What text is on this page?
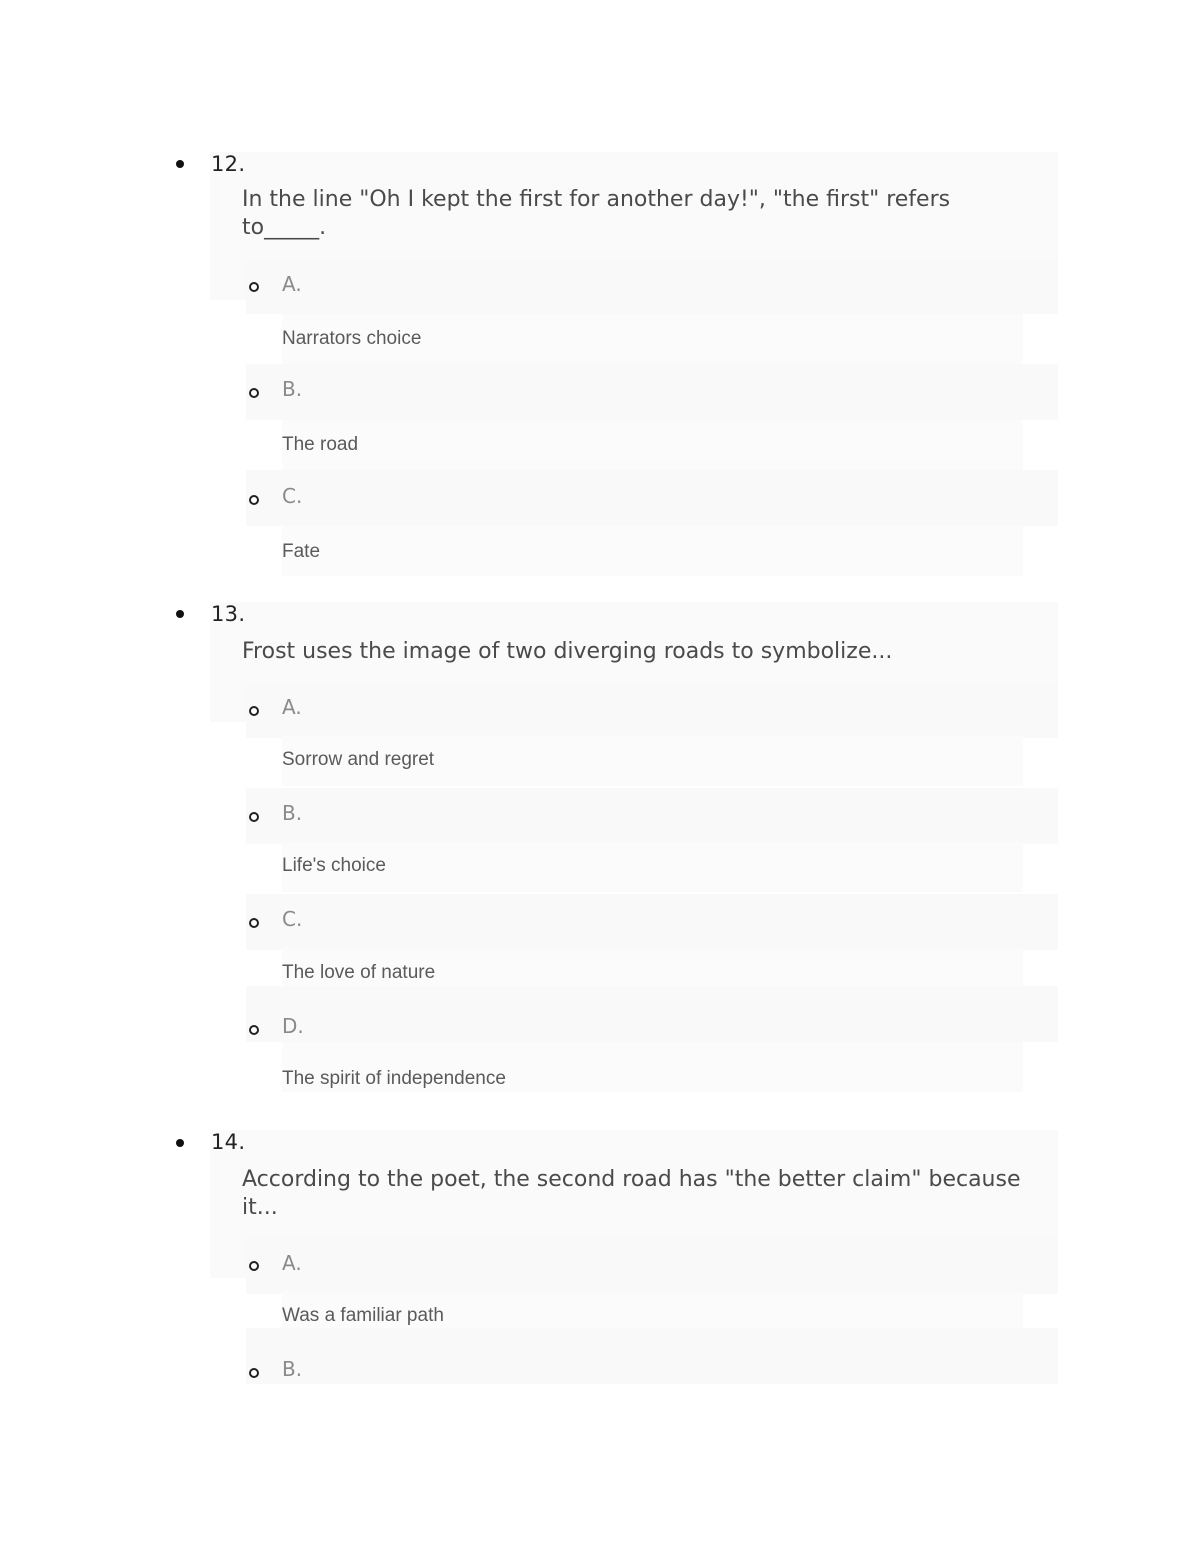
12.
In the line "Oh I kept the first for another day!", "the first" refers to_____.
A.
Narrators choice
B.
The road
C.
Fate
13.
Frost uses the image of two diverging roads to symbolize...
A.
Sorrow and regret
B.
Life's choice
C.
The love of nature
D.
The spirit of independence
14.
According to the poet, the second road has "the better claim" because it...
A.
Was a familiar path
B.
